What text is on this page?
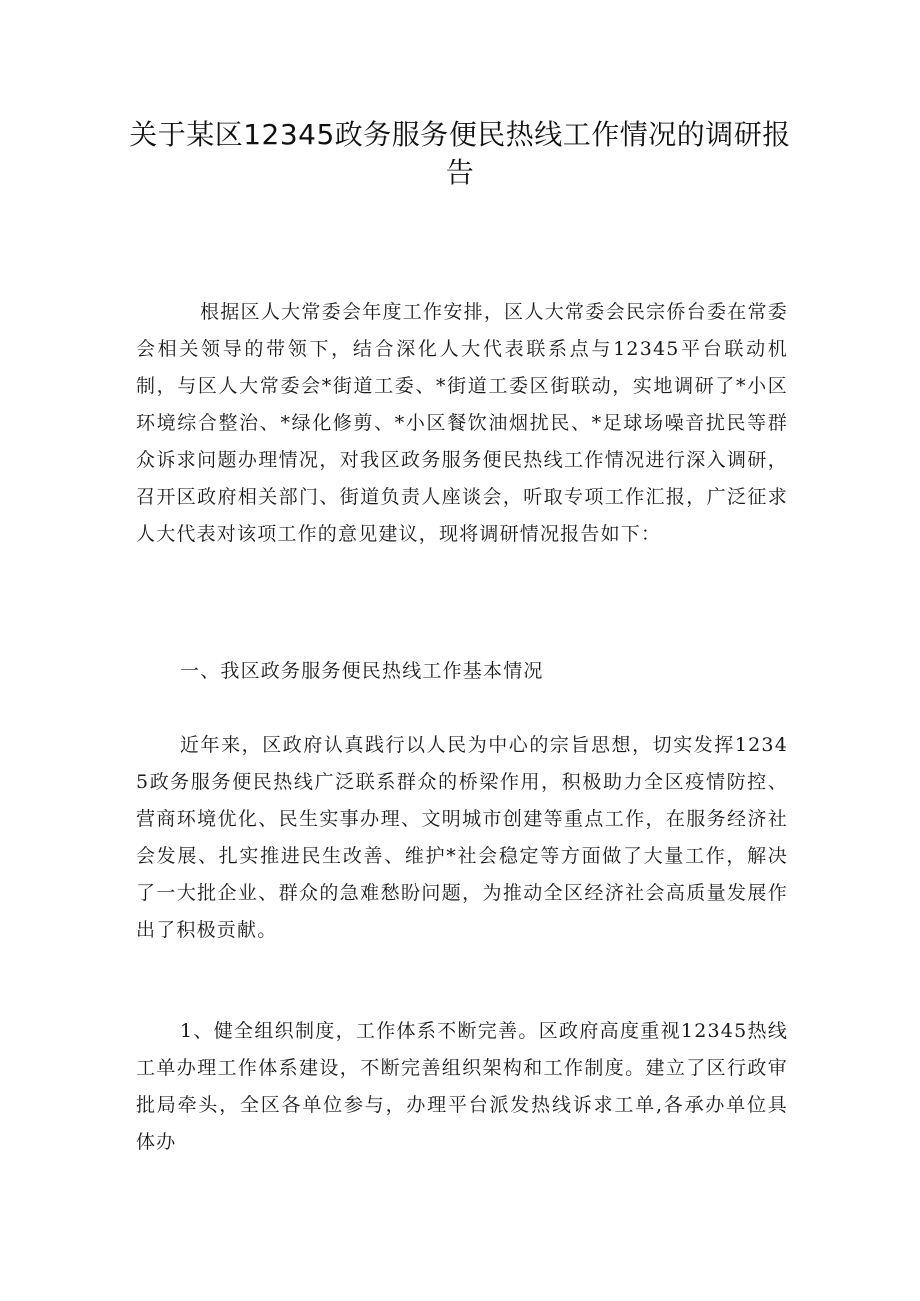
关于某区12345政务服务便民热线工作情况的调研报告

根据区人大常委会年度工作安排，区人大常委会民宗侨台委在常委会相关领导的带领下，结合深化人大代表联系点与12345平台联动机制，与区人大常委会*街道工委、*街道工委区街联动，实地调研了*小区环境综合整治、*绿化修剪、*小区餐饮油烟扰民、*足球场噪音扰民等群众诉求问题办理情况，对我区政务服务便民热线工作情况进行深入调研，召开区政府相关部门、街道负责人座谈会，听取专项工作汇报，广泛征求人大代表对该项工作的意见建议，现将调研情况报告如下：

一、我区政务服务便民热线工作基本情况

近年来，区政府认真践行以人民为中心的宗旨思想，切实发挥12345政务服务便民热线广泛联系群众的桥梁作用，积极助力全区疫情防控、营商环境优化、民生实事办理、文明城市创建等重点工作，在服务经济社会发展、扎实推进民生改善、维护*社会稳定等方面做了大量工作，解决了一大批企业、群众的急难愁盼问题，为推动全区经济社会高质量发展作出了积极贡献。

1、健全组织制度，工作体系不断完善。区政府高度重视12345热线工单办理工作体系建设，不断完善组织架构和工作制度。建立了区行政审批局牵头，全区各单位参与，办理平台派发热线诉求工单,各承办单位具体办
